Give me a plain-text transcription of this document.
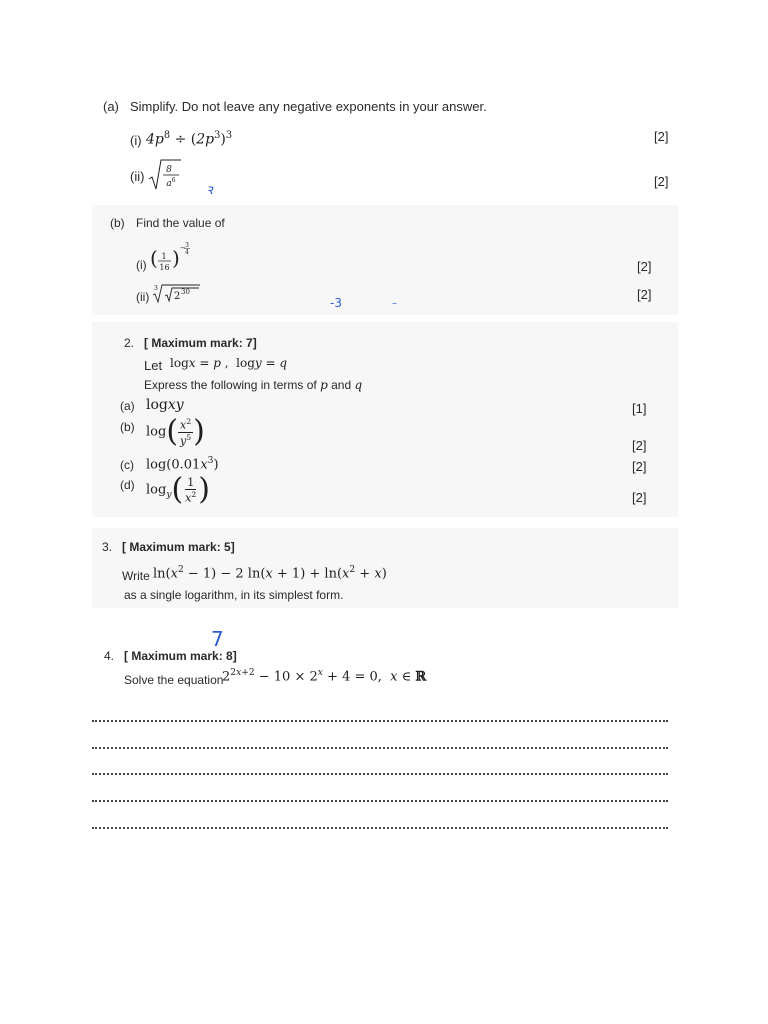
(a) Simplify. Do not leave any negative exponents in your answer.
(i) $4p^8 \div (2p^3)^3$	[2]
(ii) 8
$a^6$	[2]
ꝛ
(b) Find the value of
(i) ( 1
16 ) − 3
4
[2]
(ii)
3
2 30	[2]
-3	–
2. [ Maximum mark: 7]
Let logx = p ,  logy = q
Express the following in terms of p and q
(a) logxy	[1]
(b) $\log( \frac{x^2}{y^5}$ )	[2]
(c) $\log(0.01x^3)$	[2]
(d) $\log_y( \frac{1}{x^2}$ )	[2]
3. [ Maximum mark: 5]
Write $\ln(x^2 - 1) - 2$ $\ln(x + 1) + \ln(x^2 + x)$
as a single logarithm, in its simplest form.
7
4. [ Maximum mark: 8]
Solve the equation
$2^{2x+2} - 10 \times 2^x + 4 = 0$,  x ∈ ℝ
